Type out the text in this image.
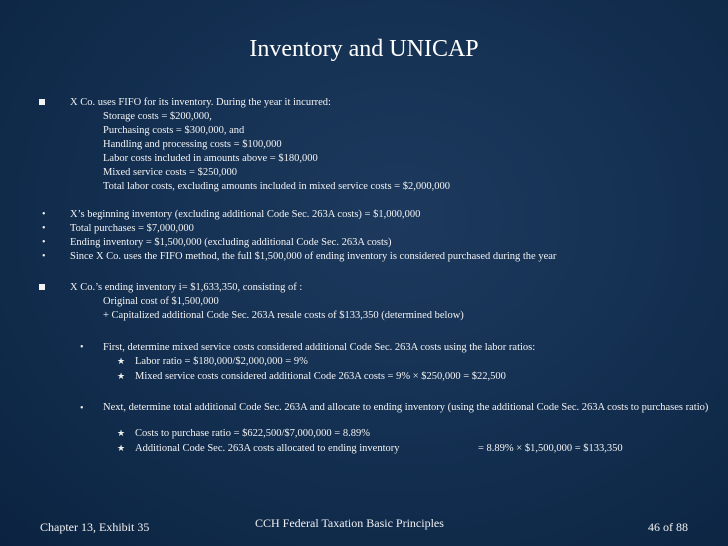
Inventory and UNICAP
X Co. uses FIFO for its inventory. During the year it incurred:
Storage costs = $200,000,
Purchasing costs = $300,000, and
Handling and processing costs = $100,000
Labor costs included in amounts above = $180,000
Mixed service costs = $250,000
Total labor costs, excluding amounts included in mixed service costs = $2,000,000
• X’s beginning inventory (excluding additional Code Sec. 263A costs) = $1,000,000
• Total purchases = $7,000,000
• Ending inventory = $1,500,000 (excluding additional Code Sec. 263A costs)
• Since X Co. uses the FIFO method, the full $1,500,000 of ending inventory is considered purchased during the year
X Co.’s ending inventory i= $1,633,350, consisting of :
Original cost of $1,500,000
+ Capitalized additional Code Sec. 263A resale costs of $133,350 (determined below)
• First, determine mixed service costs considered additional Code Sec. 263A costs using the labor ratios:
★ Labor ratio = $180,000/$2,000,000 = 9%
★ Mixed service costs considered additional Code 263A costs = 9% × $250,000 = $22,500
• Next, determine total additional Code Sec. 263A and allocate to ending inventory (using the additional Code Sec. 263A costs to purchases ratio)
★ Costs to purchase ratio = $622,500/$7,000,000 = 8.89%
★ Additional Code Sec. 263A costs allocated to ending inventory	= 8.89% × $1,500,000 = $133,350
Chapter 13, Exhibit 35	CCH Federal Taxation Basic Principles	46 of 88
